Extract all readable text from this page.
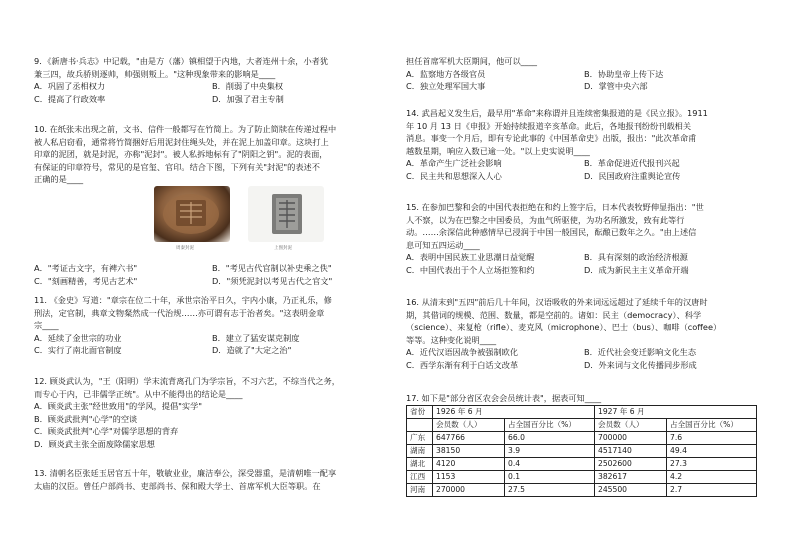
9．《新唐书·兵志》中记载，"由是方（藩）镇相望于内地，大者连州十余，小者犹
兼三四，故兵骄则逐帅，帅强则叛上。"这种现象带来的影响是____
A．巩固了丞相权力	B．削弱了中央集权
C．提高了行政效率	D．加强了君主专制
10. 在纸张未出现之前，文书、信件一般都写在竹简上。为了防止简牍在传递过程中
被人私启窃看，通常将竹简捆好后用泥封住绳头处，并在泥上加盖印章。这块打上
印章的泥团，就是封泥，亦称"泥封"。被人私拆地标有了"阴阳之钥"。泥的表面，
有保证的印章符号，常见的是官玺、官印。结合下图，下列有关"封泥"的表述不
正确的是____
周秦封泥	上图封泥
A．"考证古文字，有裨六书"	B．"考见古代官制以补史乘之佚"
C．"刻画精善，考见古艺术"	D．"须凭泥封以考见古代之官文"
11. 《金史》写道："章宗在位二十年，承世宗治平日久，宇内小康，乃正礼乐，修
刑法，定官制，典章文物粲然成一代治规……亦可谓有志于治者矣。"这表明金章
宗____
A．延续了金世宗的功业	B．建立了猛安谋克制度
C．实行了南北面官制度	D．造就了"大定之治"
12. 顾炎武认为，"王（阳明）学末流背离孔门为学宗旨，不习六艺，不综当代之务，
而专心于内，已非儒学正统"。从中不能得出的结论是____
A．顾炎武主张"经世致用"的学风，提倡"实学"
B．顾炎武批判"心学"的空谈
C．顾炎武批判"心学"对儒学思想的背弃
D．顾炎武主张全面废除儒家思想
13. 清朝名臣张廷玉居官五十年，敬敏业业，廉洁奉公，深受器重，是清朝唯一配享
太庙的汉臣。曾任户部尚书、吏部尚书、保和殿大学士、首席军机大臣等职。在
担任首席军机大臣期间，他可以____
A．监察地方各级官员	B．协助皇帝上传下达
C．独立处理军国大事	D．掌管中央六部
14. 武昌起义发生后，最早用"革命"来称谓并且连续密集报道的是《民立报》。1911
年 10 月 13 日《申报》开始持续报道辛亥革命。此后，各地报刊纷纷刊载相关
消息。事变一个月后，即有专论此事的《中国革命史》出版，报出："此次革命甫
越数星期，响应入数已逾一处。"以上史实说明____
A．革命产生广泛社会影响	B．革命促进近代报刊兴起
C．民主共和思想深入人心	D．民国政府注重舆论宣传
15. 在参加巴黎和会的中国代表拒绝在和约上签字后，日本代表牧野伸显指出："世
人不察，以为在巴黎之中国委员，为血气所驱使，为功名所激发，致有此等行
动。……余深信此种感情早已浸润于中国一般国民，酝酿已数年之久。"由上述信
息可知五四运动____
A．表明中国民族工业思潮日益觉醒	B．具有深刻的政治经济根源
C．中国代表出于个人立场拒签和约	D．成为新民主主义革命开端
16. 从清末到"五四"前后几十年间，汉语吸收的外来词远远超过了延续千年的汉唐时
期，其借词的规模、范围、数量，都是空前的。诸如：民主（democracy）、科学
（science）、来复枪（rifle）、麦克风（microphone）、巴士（bus）、咖啡（coffee）
等等。这种变化说明____
A．近代汉语因战争被强制欧化	B．近代社会变迁影响文化生态
C．西学东渐有利于白话文改革	D．外来词与文化传播同步形成
17. 如下是"部分省区农会会员统计表"，据表可知____
省份	1926 年 6 月		1927 年 6 月	
	会员数（人）	占全国百分比（%）	会员数（人）	占全国百分比（%）
广东	647766	66.0	700000	7.6
湖南	38150	3.9	4517140	49.4
湖北	4120	0.4	2502600	27.3
江西	1153	0.1	382617	4.2
河南	270000	27.5	245500	2.7
